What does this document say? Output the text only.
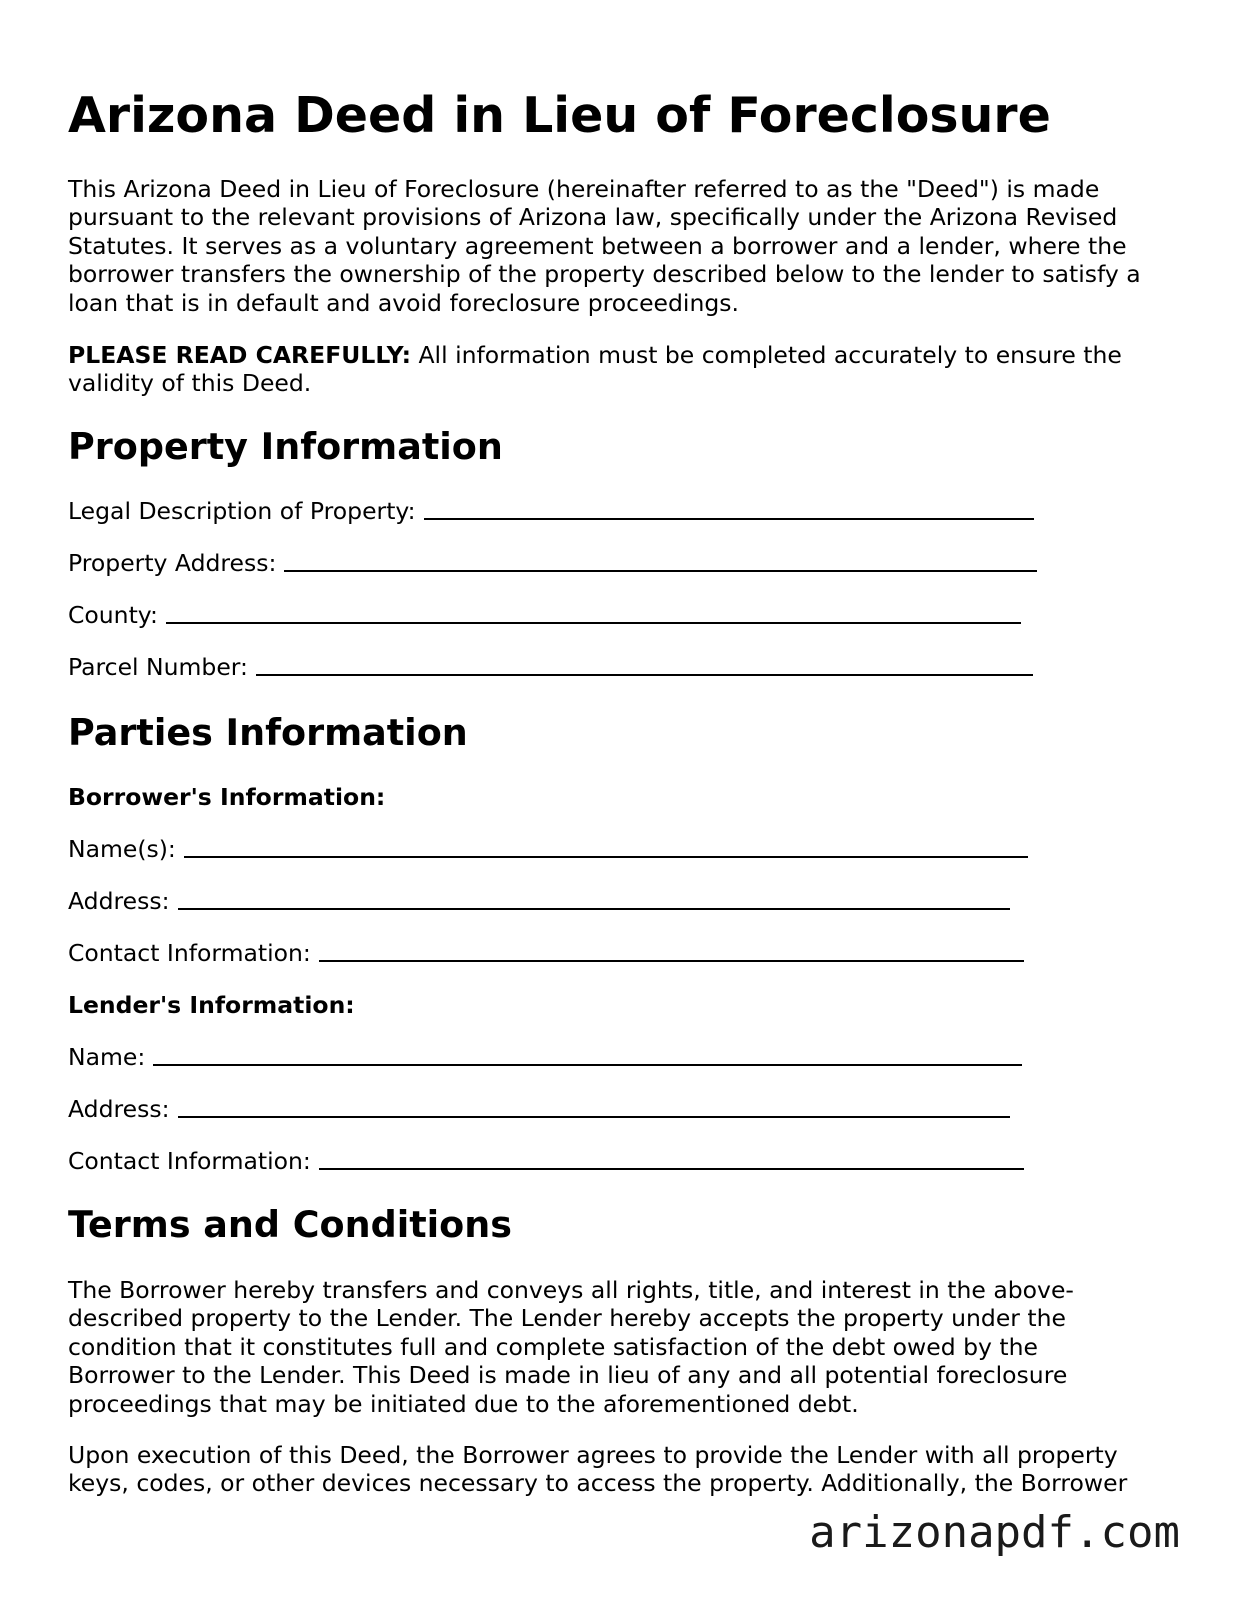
Arizona Deed in Lieu of Foreclosure

This Arizona Deed in Lieu of Foreclosure (hereinafter referred to as the "Deed") is made pursuant to the relevant provisions of Arizona law, specifically under the Arizona Revised Statutes. It serves as a voluntary agreement between a borrower and a lender, where the borrower transfers the ownership of the property described below to the lender to satisfy a loan that is in default and avoid foreclosure proceedings.

PLEASE READ CAREFULLY: All information must be completed accurately to ensure the validity of this Deed.

Property Information
Legal Description of Property:
Property Address:
County:
Parcel Number:
Parties Information
Borrower's Information:
Name(s):
Address:
Contact Information:
Lender's Information:
Name:
Address:
Contact Information:
Terms and Conditions

The Borrower hereby transfers and conveys all rights, title, and interest in the above-described property to the Lender. The Lender hereby accepts the property under the condition that it constitutes full and complete satisfaction of the debt owed by the Borrower to the Lender. This Deed is made in lieu of any and all potential foreclosure proceedings that may be initiated due to the aforementioned debt.

Upon execution of this Deed, the Borrower agrees to provide the Lender with all property keys, codes, or other devices necessary to access the property. Additionally, the Borrower

arizonapdf.com
